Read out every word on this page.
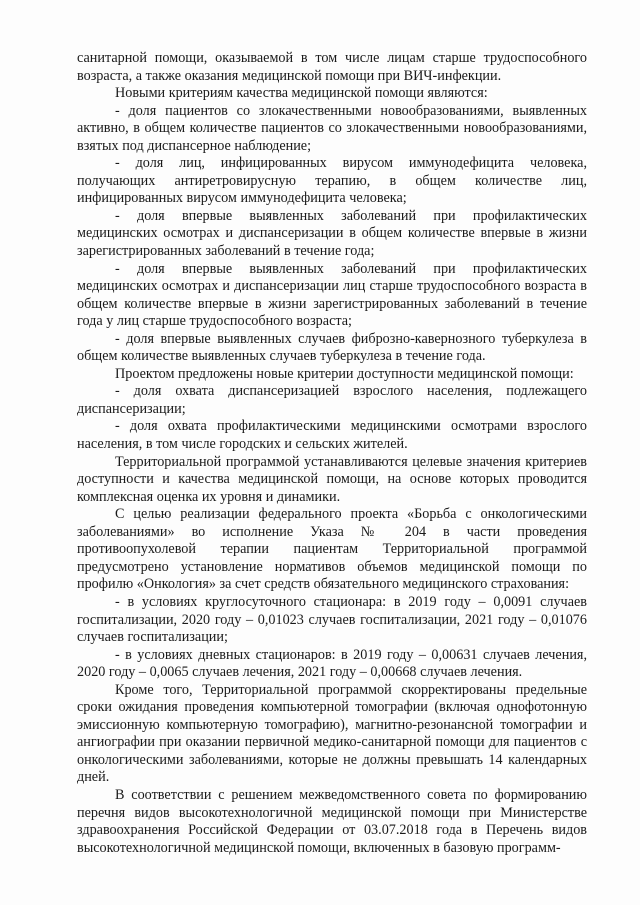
санитарной помощи, оказываемой в том числе лицам старше трудоспособного возраста, а также оказания медицинской помощи при ВИЧ-инфекции.

Новыми критериям качества медицинской помощи являются:

- доля пациентов со злокачественными новообразованиями, выявленных активно, в общем количестве пациентов со злокачественными новообразованиями, взятых под диспансерное наблюдение;

- доля лиц, инфицированных вирусом иммунодефицита человека, получающих антиретровирусную терапию, в общем количестве лиц, инфицированных вирусом иммунодефицита человека;

- доля впервые выявленных заболеваний при профилактических медицинских осмотрах и диспансеризации в общем количестве впервые в жизни зарегистрированных заболеваний в течение года;

- доля впервые выявленных заболеваний при профилактических медицинских осмотрах и диспансеризации лиц старше трудоспособного возраста в общем количестве впервые в жизни зарегистрированных заболеваний в течение года у лиц старше трудоспособного возраста;

- доля впервые выявленных случаев фиброзно-кавернозного туберкулеза в общем количестве выявленных случаев туберкулеза в течение года.

Проектом предложены новые критерии доступности медицинской помощи:

- доля охвата диспансеризацией взрослого населения, подлежащего диспансеризации;

- доля охвата профилактическими медицинскими осмотрами взрослого населения, в том числе городских и сельских жителей.

Территориальной программой устанавливаются целевые значения критериев доступности и качества медицинской помощи, на основе которых проводится комплексная оценка их уровня и динамики.

С целью реализации федерального проекта «Борьба с онкологическими заболеваниями» во исполнение Указа № 204 в части проведения противоопухолевой терапии пациентам Территориальной программой предусмотрено установление нормативов объемов медицинской помощи по профилю «Онкология» за счет средств обязательного медицинского страхования:

- в условиях круглосуточного стационара: в 2019 году – 0,0091 случаев госпитализации, 2020 году – 0,01023 случаев госпитализации, 2021 году – 0,01076 случаев госпитализации;

- в условиях дневных стационаров: в 2019 году – 0,00631 случаев лечения, 2020 году – 0,0065 случаев лечения, 2021 году – 0,00668 случаев лечения.

Кроме того, Территориальной программой скорректированы предельные сроки ожидания проведения компьютерной томографии (включая однофотонную эмиссионную компьютерную томографию), магнитно-резонансной томографии и ангиографии при оказании первичной медико-санитарной помощи для пациентов с онкологическими заболеваниями, которые не должны превышать 14 календарных дней.

В соответствии с решением межведомственного совета по формированию перечня видов высокотехнологичной медицинской помощи при Министерстве здравоохранения Российской Федерации от 03.07.2018 года в Перечень видов высокотехнологичной медицинской помощи, включенных в базовую программ-
